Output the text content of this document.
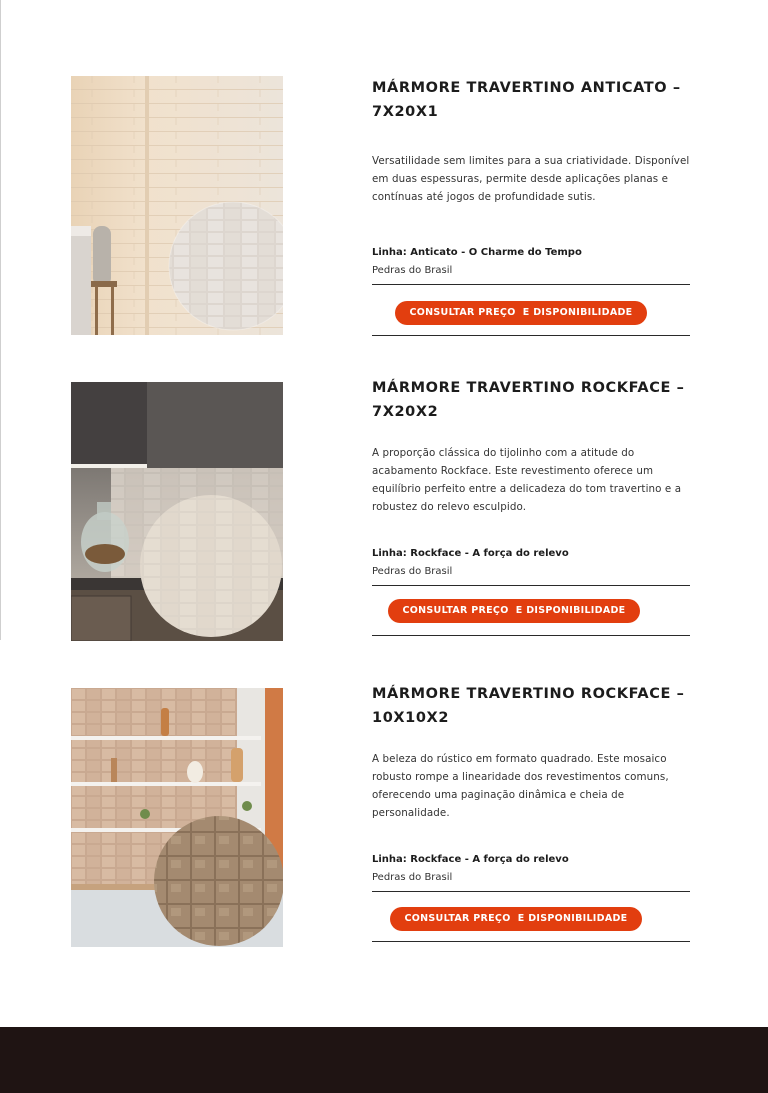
MÁRMORE TRAVERTINO ANTICATO – 7X20X1

Versatilidade sem limites para a sua criatividade. Disponível em duas espessuras, permite desde aplicações planas e contínuas até jogos de profundidade sutis.

Linha: Anticato - O Charme do Tempo
Pedras do Brasil
CONSULTAR PREÇO  E DISPONIBILIDADE
MÁRMORE TRAVERTINO ROCKFACE – 7X20X2

A proporção clássica do tijolinho com a atitude do acabamento Rockface. Este revestimento oferece um equilíbrio perfeito entre a delicadeza do tom travertino e a robustez do relevo esculpido.

Linha: Rockface - A força do relevo
Pedras do Brasil
CONSULTAR PREÇO  E DISPONIBILIDADE
MÁRMORE TRAVERTINO ROCKFACE – 10X10X2

A beleza do rústico em formato quadrado. Este mosaico robusto rompe a linearidade dos revestimentos comuns, oferecendo uma paginação dinâmica e cheia de personalidade.

Linha: Rockface - A força do relevo
Pedras do Brasil
CONSULTAR PREÇO  E DISPONIBILIDADE
